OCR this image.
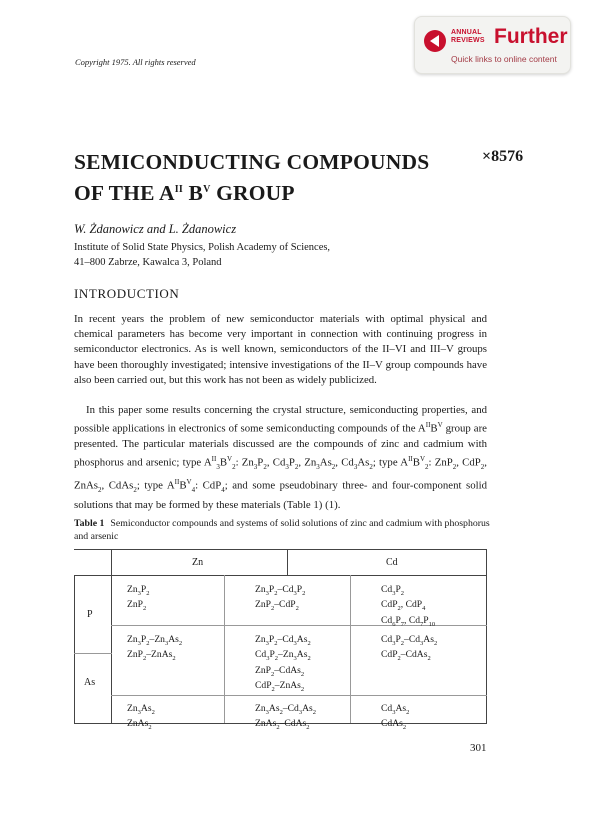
ANNUAL
REVIEWS Further
Quick links to online content
Copyright 1975. All rights reserved
SEMICONDUCTING COMPOUNDS
OF THE $A^{II}$ $B^V$ GROUP
×8576
W. Żdanowicz and L. Żdanowicz
Institute of Solid State Physics, Polish Academy of Sciences,
41–800 Zabrze, Kawalca 3, Poland
INTRODUCTION

In recent years the problem of new semiconductor materials with optimal physical and chemical parameters has become very important in connection with continuing progress in semiconductor electronics. As is well known, semiconductors of the II–VI and III–V groups have been thoroughly investigated; intensive investigations of the II–V group compounds have also been carried out, but this work has not been as widely publicized.

In this paper some results concerning the crystal structure, semiconducting properties, and possible applications in electronics of some semiconducting compounds of the $A^{II}B^V$ group are presented. The particular materials discussed are the compounds of zinc and cadmium with phosphorus and arsenic; type $A^{II}_3B^V_2$: $Zn_3P_2$, $Cd_3P_2$, $Zn_3As_2$, $Cd_3As_2$; type $A^{II}B^V_2$: ZnP$_2$, CdP$_2$, ZnAs$_2$, CdAs$_2$; type $A^{II}B^V_4$: CdP$_4$; and some pseudobinary three- and four-component solid solutions that may be formed by these materials (Table 1) (1).

Table 1 Semiconductor compounds and systems of solid solutions of zinc and cadmium with phosphorus and arsenic
Zn	Cd
P
As
$Zn_3P_2$
ZnP$_2$
$Zn_3P_2-Cd_3P_2$
ZnP$_2$–CdP$_2$
$Cd_3P_2$
CdP$_2$, CdP$_4$
$Cd_6P_7$, $Cd_7P_{10}$
$Zn_3P_2-Zn_3As_2$
ZnP$_2$–ZnAs$_2$
$Zn_3P_2-Cd_3As_2$
$Cd_3P_2-Zn_3As_2$
ZnP$_2$–CdAs$_2$
CdP$_2$–ZnAs$_2$
$Cd_3P_2-Cd_3As_2$
CdP$_2$–CdAs$_2$
$Zn_3As_2$
ZnAs$_2$
$Zn_3As_2-Cd_3As_2$
ZnAs$_2$–CdAs$_2$
$Cd_3As_2$
CdAs$_2$
301
